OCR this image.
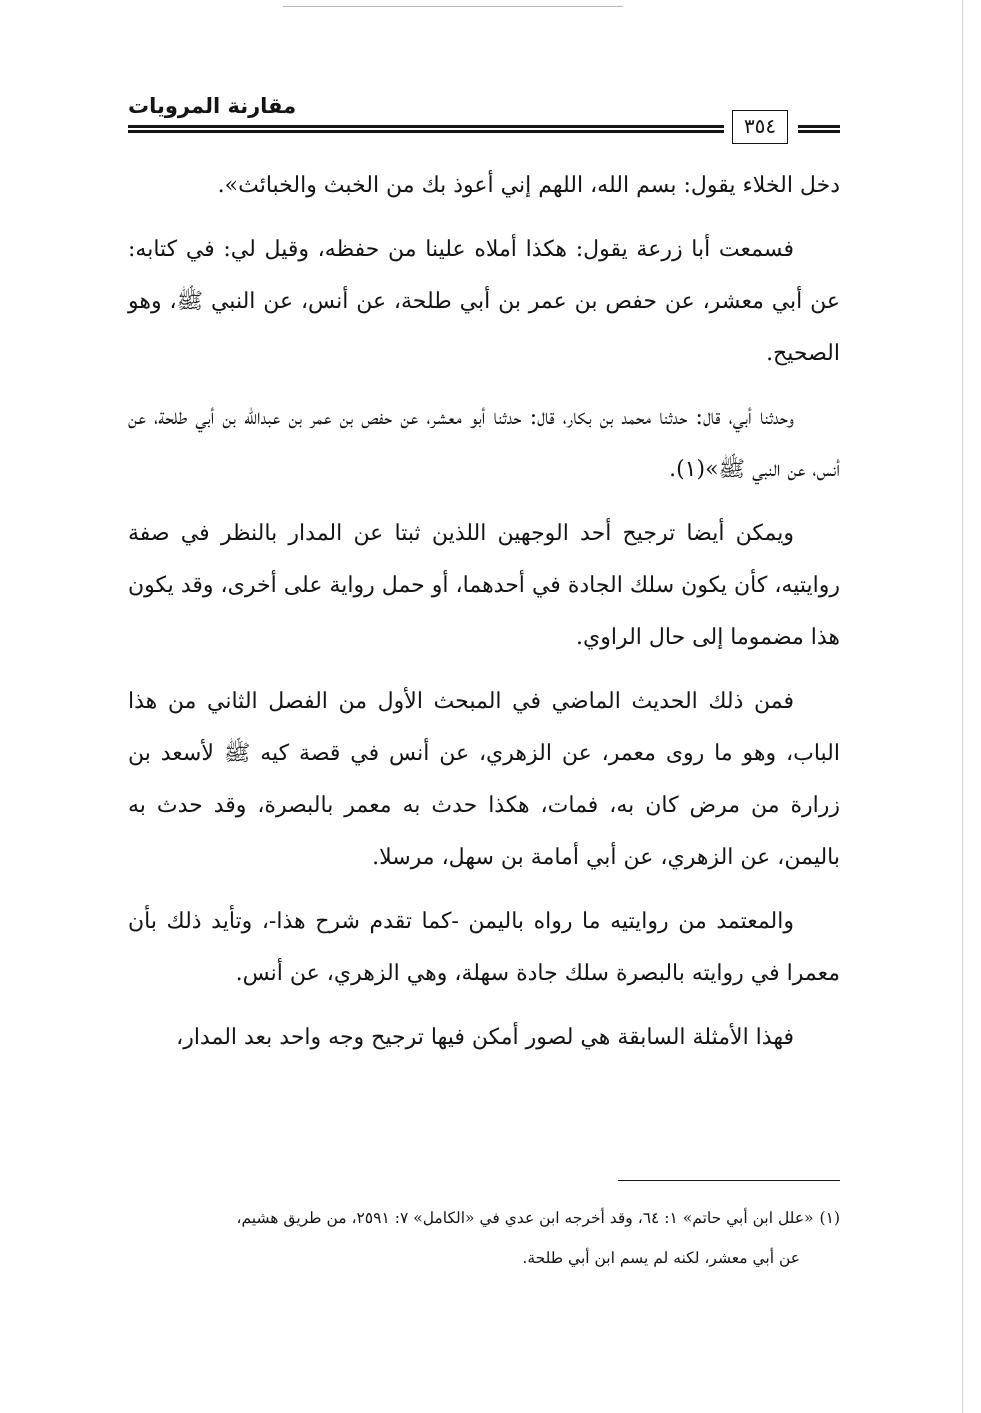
مقارنة المرويات
٣٥٤

دخل الخلاء يقول: بسم الله، اللهم إني أعوذ بك من الخبث والخبائث».

فسمعت أبا زرعة يقول: هكذا أملاه علينا من حفظه، وقيل لي: في كتابه: عن أبي معشر، عن حفص بن عمر بن أبي طلحة، عن أنس، عن النبي ﷺ، وهو الصحيح.

وحدثنا أبي، قال: حدثنا محمد بن بكار، قال: حدثنا أبو معشر، عن حفص بن عمر بن عبدالله بن أبي طلحة، عن أنس، عن النبي ﷺ»(١).

ويمكن أيضا ترجيح أحد الوجهين اللذين ثبتا عن المدار بالنظر في صفة روايتيه، كأن يكون سلك الجادة في أحدهما، أو حمل رواية على أخرى، وقد يكون هذا مضموما إلى حال الراوي.

فمن ذلك الحديث الماضي في المبحث الأول من الفصل الثاني من هذا الباب، وهو ما روى معمر، عن الزهري، عن أنس في قصة كيه ﷺ لأسعد بن زرارة من مرض كان به، فمات، هكذا حدث به معمر بالبصرة، وقد حدث به باليمن، عن الزهري، عن أبي أمامة بن سهل، مرسلا.

والمعتمد من روايتيه ما رواه باليمن -كما تقدم شرح هذا-، وتأيد ذلك بأن معمرا في روايته بالبصرة سلك جادة سهلة، وهي الزهري، عن أنس.

فهذا الأمثلة السابقة هي لصور أمكن فيها ترجيح وجه واحد بعد المدار،

(١)«علل ابن أبي حاتم» ١: ٦٤، وقد أخرجه ابن عدي في «الكامل» ٧: ٢٥٩١، من طريق هشيم،
عن أبي معشر، لكنه لم يسم ابن أبي طلحة.
